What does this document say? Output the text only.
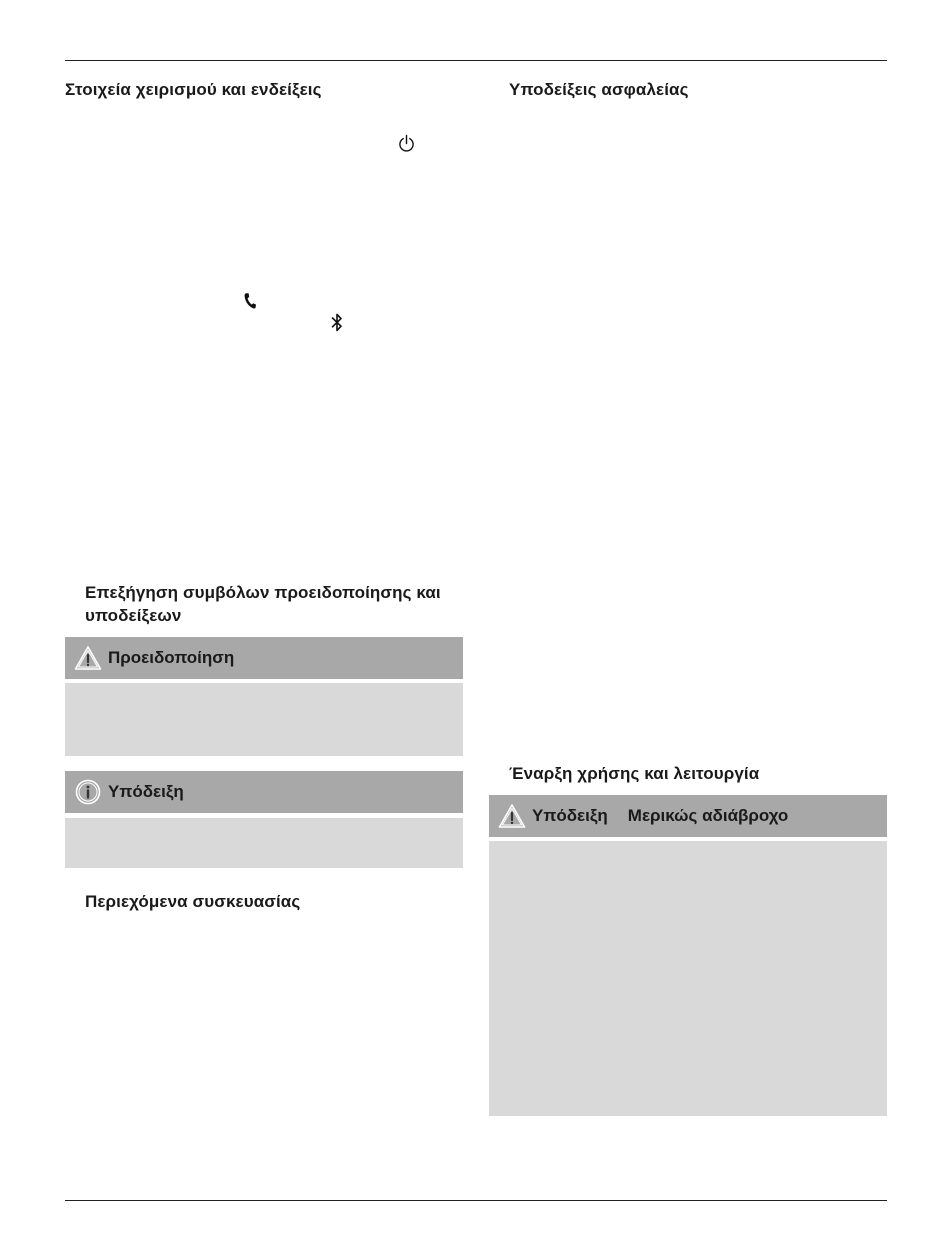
Στοιχεία χειρισμού και ενδείξεις
Επεξήγηση συμβόλων προειδοποίησης και υποδείξεων
Προειδοποίηση
Υπόδειξη
Περιεχόμενα συσκευασίας
Υποδείξεις ασφαλείας
Έναρξη χρήσης και λειτουργία
Υπόδειξη Μερικώς αδιάβροχο
